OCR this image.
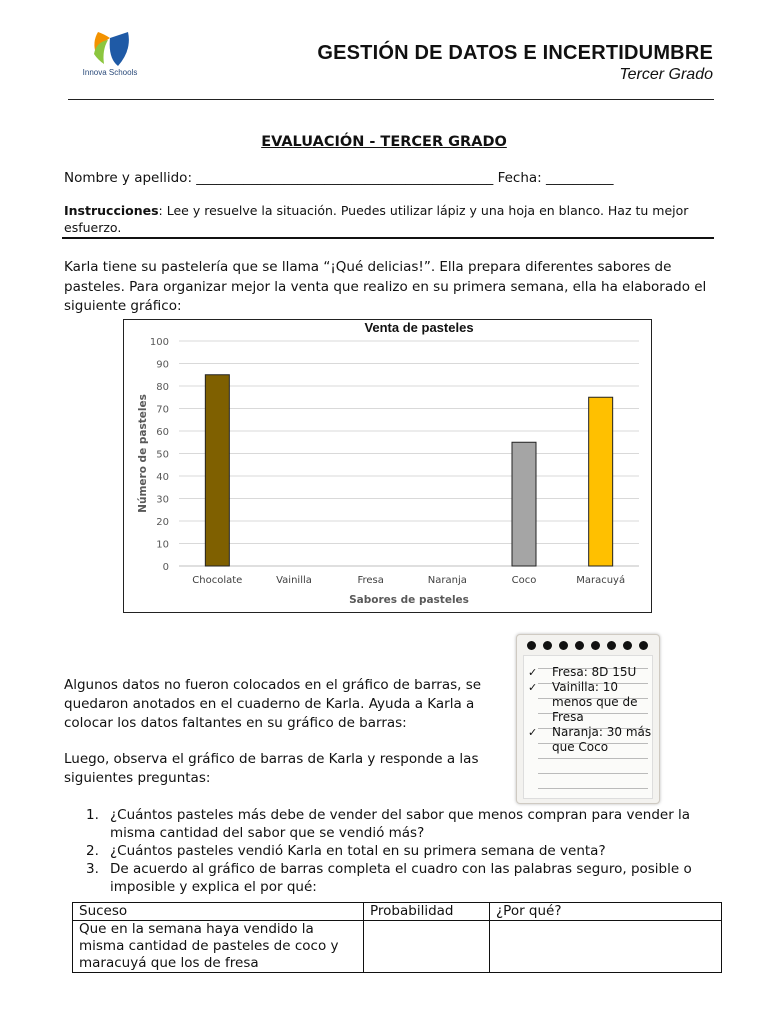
Innova Schools
GESTIÓN DE DATOS E INCERTIDUMBRE
Tercer Grado
EVALUACIÓN - TERCER GRADO
Nombre y apellido: ____________________________________________ Fecha: __________
Instrucciones: Lee y resuelve la situación. Puedes utilizar lápiz y una hoja en blanco. Haz tu mejor esfuerzo.
Karla tiene su pastelería que se llama “¡Qué delicias!”. Ella prepara diferentes sabores de pasteles. Para organizar mejor la venta que realizo en su primera semana, ella ha elaborado el siguiente gráfico:
Venta de pasteles
0
10
20
30
40
50
60
70
80
90
100
Chocolate	Vainilla	Fresa	Naranja	Coco	Maracuyá
Sabores de pasteles
Número de pasteles
✓ Fresa: 8D 15U
✓ Vainilla: 10 menos que de Fresa
✓ Naranja: 30 más que Coco
Algunos datos no fueron colocados en el gráfico de barras, se quedaron anotados en el cuaderno de Karla. Ayuda a Karla a colocar los datos faltantes en su gráfico de barras:
Luego, observa el gráfico de barras de Karla y responde a las siguientes preguntas:
1. ¿Cuántos pasteles más debe de vender del sabor que menos compran para vender la misma cantidad del sabor que se vendió más?
2. ¿Cuántos pasteles vendió Karla en total en su primera semana de venta?
3. De acuerdo al gráfico de barras completa el cuadro con las palabras seguro, posible o imposible y explica el por qué:
Suceso	Probabilidad	¿Por qué?
Que en la semana haya vendido la misma cantidad de pasteles de coco y maracuyá que los de fresa		
